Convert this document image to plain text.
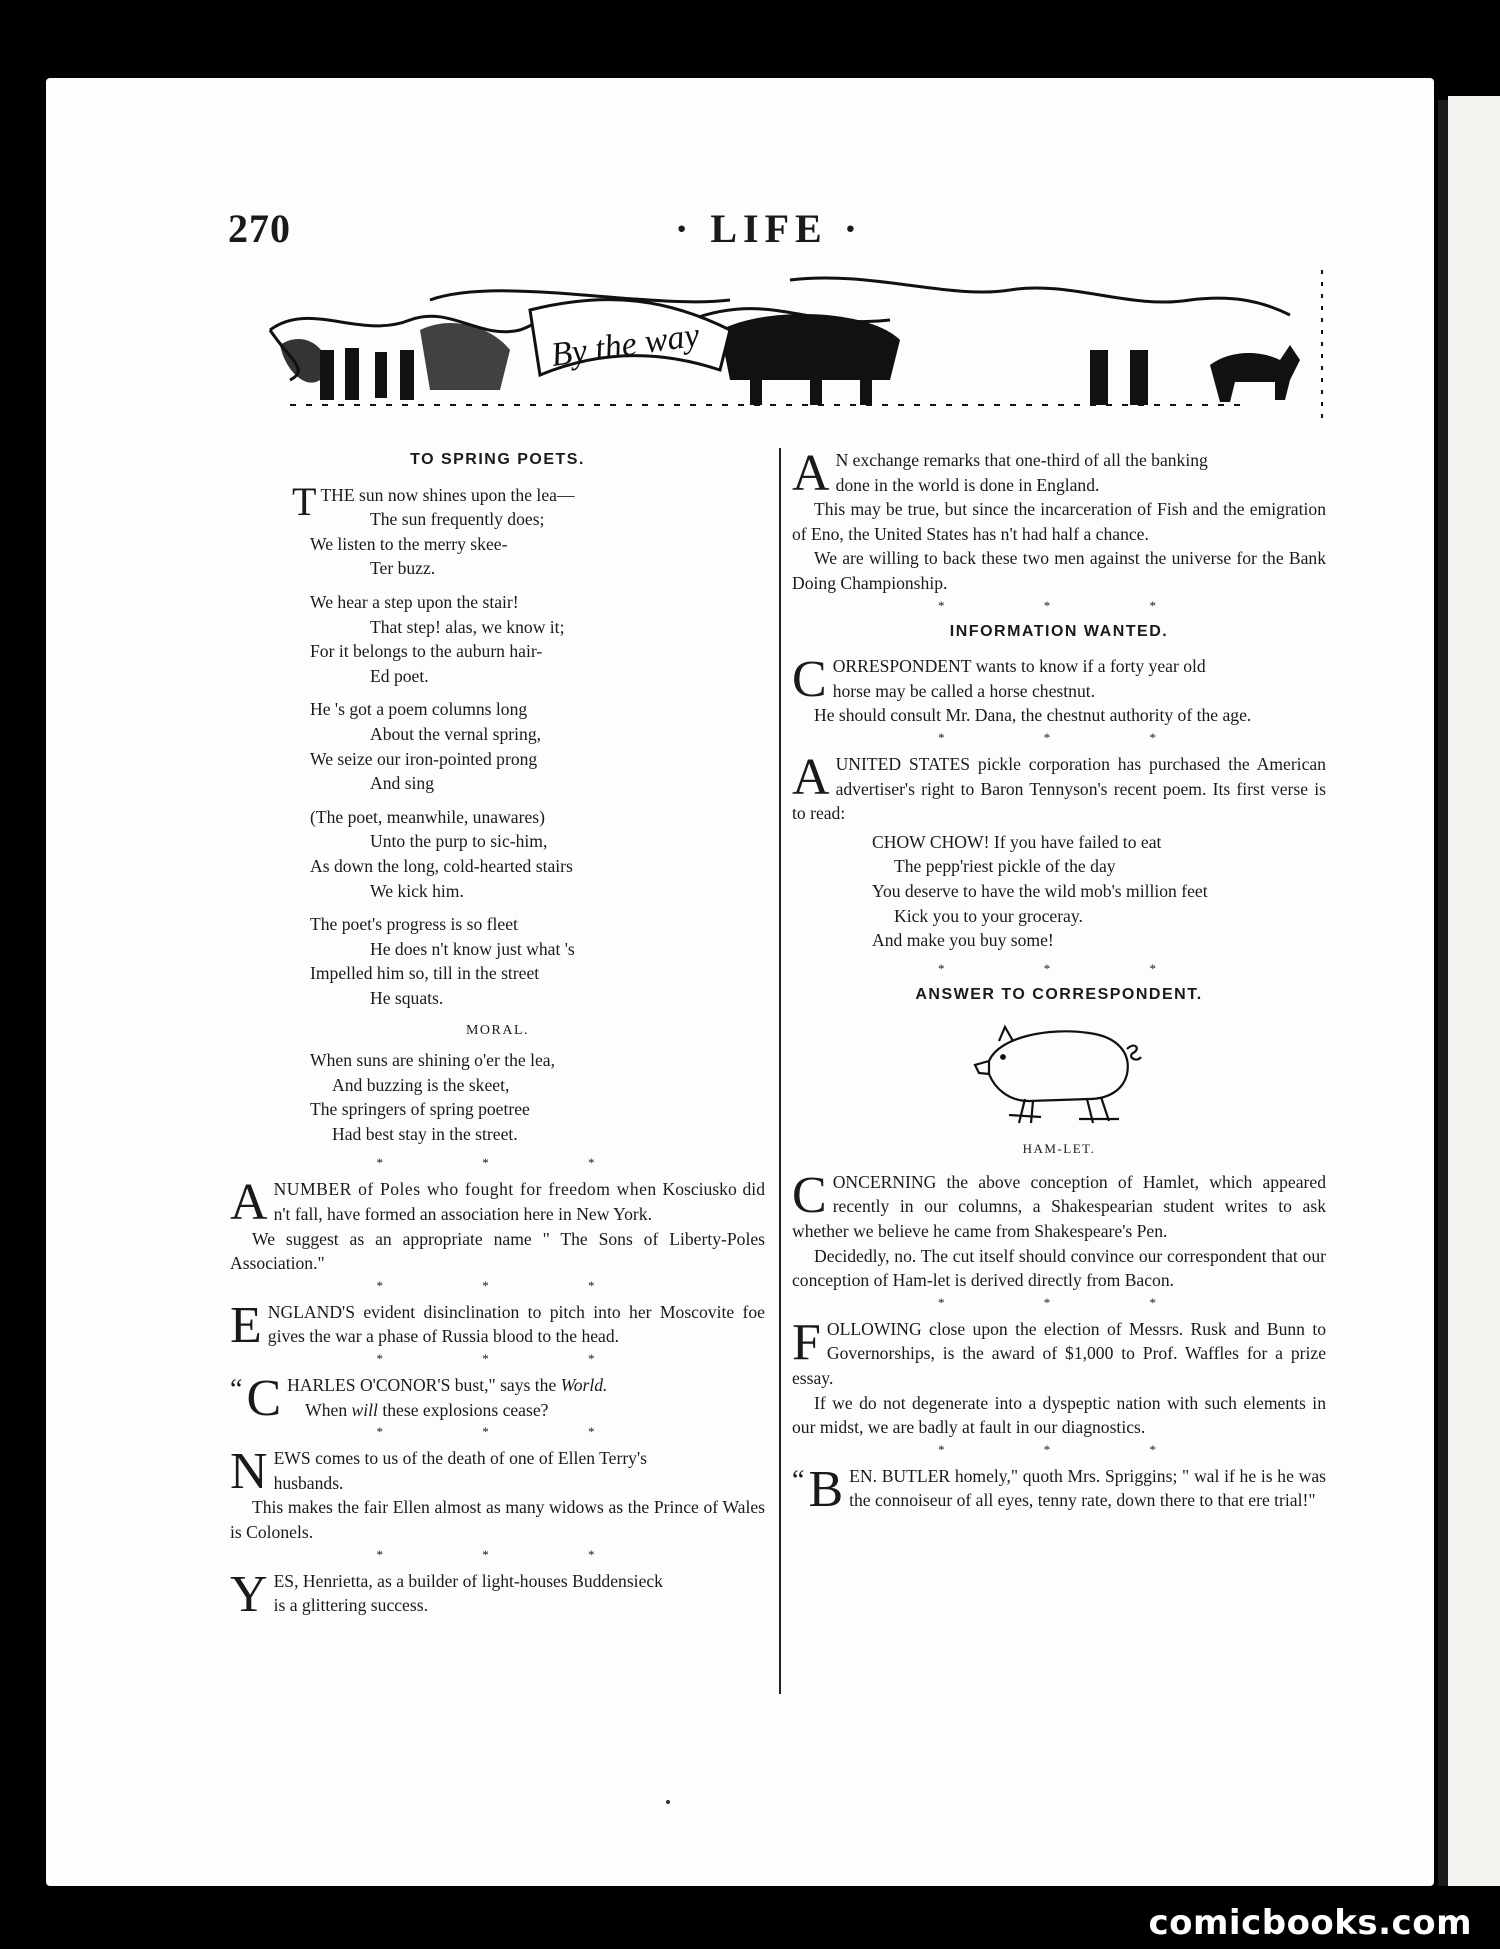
270	· LIFE ·
By the way
TO SPRING POETS.
TTHE sun now shines upon the lea—
The sun frequently does;
We listen to the merry skee-
Ter buzz.
We hear a step upon the stair!
That step! alas, we know it;
For it belongs to the auburn hair-
Ed poet.
He 's got a poem columns long
About the vernal spring,
We seize our iron-pointed prong
And sing
(The poet, meanwhile, unawares)
Unto the purp to sic-him,
As down the long, cold-hearted stairs
We kick him.
The poet's progress is so fleet
He does n't know just what 's
Impelled him so, till in the street
He squats.
MORAL.
When suns are shining o'er the lea,
And buzzing is the skeet,
The springers of spring poetree
Had best stay in the street.
* * *
A NUMBER of Poles who fought for freedom when Kosciusko did n't fall, have formed an association here in New York.

We suggest as an appropriate name " The Sons of Liberty-Poles Association."

* * *
E NGLAND'S evident disinclination to pitch into her Moscovite foe gives the war a phase of Russia blood to the head.

* * *
“ C HARLES O'CONOR'S bust," says the World.
When will these explosions cease?

* * *
N EWS comes to us of the death of one of Ellen Terry's
husbands.

This makes the fair Ellen almost as many widows as the Prince of Wales is Colonels.

* * *
Y ES, Henrietta, as a builder of light-houses Buddensieck
is a glittering success.

A N exchange remarks that one-third of all the banking
done in the world is done in England.

This may be true, but since the incarceration of Fish and the emigration of Eno, the United States has n't had half a chance.

We are willing to back these two men against the universe for the Bank Doing Championship.

* * *
INFORMATION WANTED.
C ORRESPONDENT wants to know if a forty year old
horse may be called a horse chestnut.

He should consult Mr. Dana, the chestnut authority of the age.

* * *
A UNITED STATES pickle corporation has purchased the American advertiser's right to Baron Tennyson's recent poem. Its first verse is to read:

CHOW CHOW! If you have failed to eat
The pepp'riest pickle of the day
You deserve to have the wild mob's million feet
Kick you to your groceray.
And make you buy some!
* * *
ANSWER TO CORRESPONDENT.
HAM-LET.
C ONCERNING the above conception of Hamlet, which appeared recently in our columns, a Shakespearian student writes to ask whether we believe he came from Shakespeare's Pen.

Decidedly, no. The cut itself should convince our correspondent that our conception of Ham-let is derived directly from Bacon.

* * *
F OLLOWING close upon the election of Messrs. Rusk and Bunn to Governorships, is the award of $1,000 to Prof. Waffles for a prize essay.

If we do not degenerate into a dyspeptic nation with such elements in our midst, we are badly at fault in our diagnostics.

* * *
“ B EN. BUTLER homely," quoth Mrs. Spriggins; " wal if he is he was the connoiseur of all eyes, tenny rate, down there to that ere trial!"

comicbooks.com
